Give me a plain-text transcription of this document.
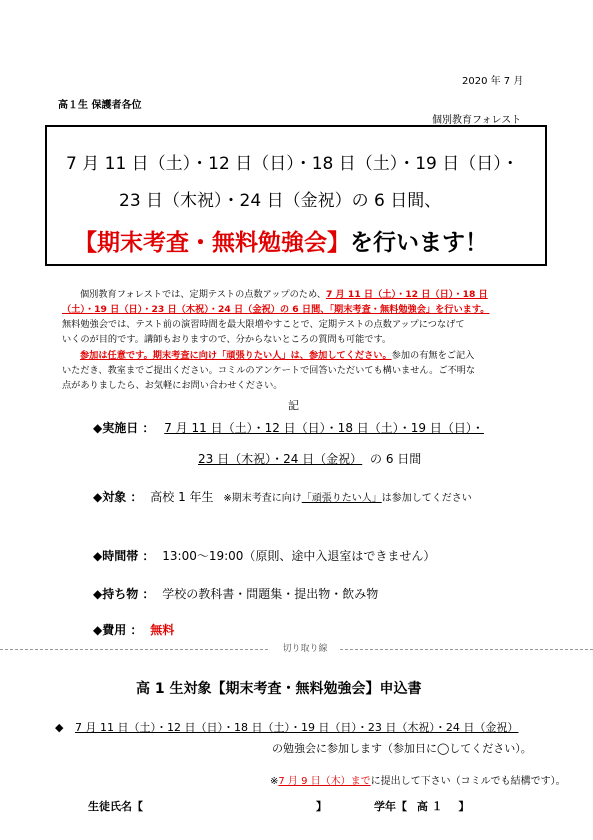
2020 年 7 月
高１生 保護者各位
個別教育フォレスト
7 月 11 日（土）・12 日（日）・18 日（土）・19 日（日）・
23 日（木祝）・24 日（金祝）の 6 日間、
【期末考査・無料勉強会】を行います！
個別教育フォレストでは、定期テストの点数アップのため、7 月 11 日（土）・12 日（日）・18 日
（土）・19 日（日）・23 日（木祝）・24 日（金祝）の 6 日間、「期末考査・無料勉強会」を行います。
無料勉強会では、テスト前の演習時間を最大限増やすことで、定期テストの点数アップにつなげて
いくのが目的です。講師もおりますので、分からないところの質問も可能です。
参加は任意です。期末考査に向け「頑張りたい人」は、参加してください。参加の有無をご記入
いただき、教室までご提出ください。コミルのアンケートで回答いただいても構いません。ご不明な
点がありましたら、お気軽にお問い合わせください。
記
◆実施日 ： 7 月 11 日（土）・12 日（日）・18 日（土）・19 日（日）・
23 日（木祝）・24 日（金祝） の 6 日間
◆対象 ： 高校 1 年生 ※期末考査に向け「頑張りたい人」は参加してください
◆時間帯 ： 13:00～19:00（原則、途中入退室はできません）
◆持ち物 ： 学校の教科書・問題集・提出物・飲み物
◆費用 ： 無料
切り取り線
高 1 生対象【期末考査・無料勉強会】申込書
◆ 7 月 11 日（土）・12 日（日）・18 日（土）・19 日（日）・23 日（木祝）・24 日（金祝）
の勉強会に参加します（参加日に◯してください）。
※7 月 9 日（木）までに提出して下さい（コミルでも結構です）。
生徒氏名【	】	学年【 高 １ 】
